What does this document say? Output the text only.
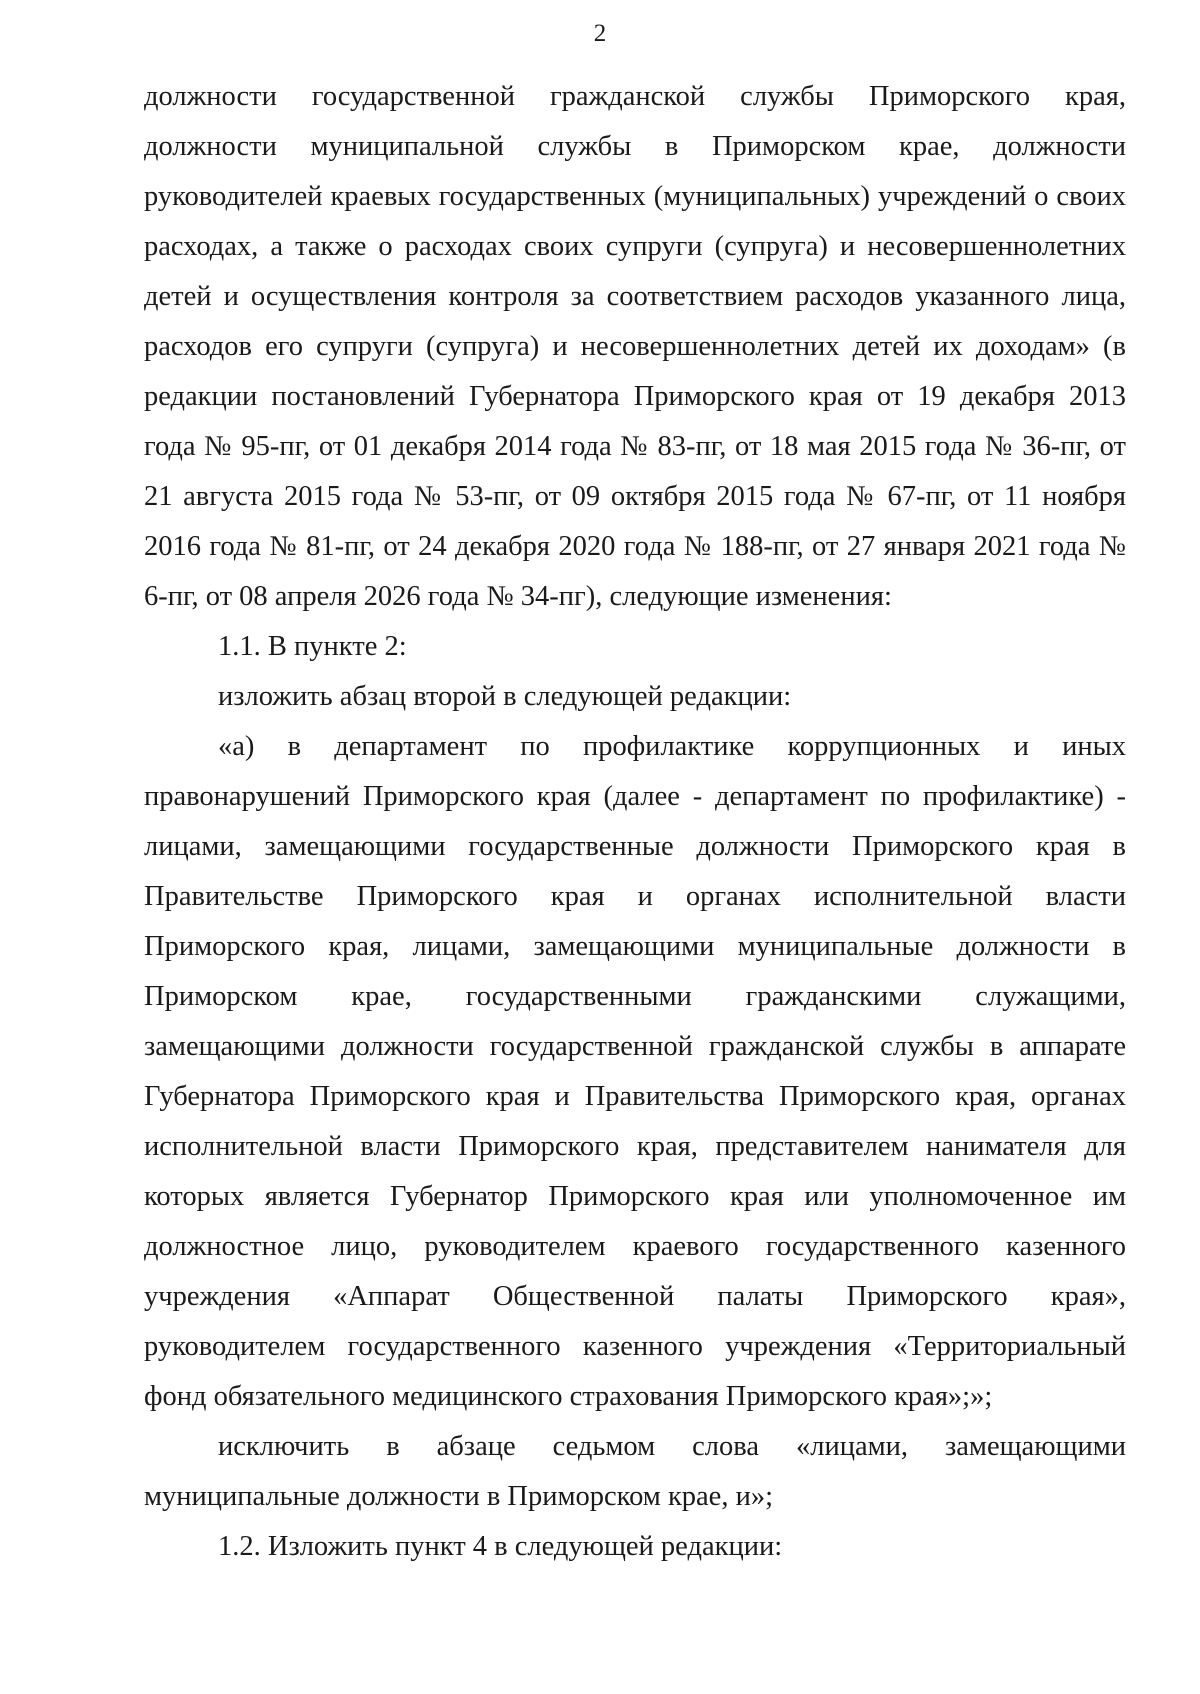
2

должности государственной гражданской службы Приморского края, должности муниципальной службы в Приморском крае, должности руководителей краевых государственных (муниципальных) учреждений о своих расходах, а также о расходах своих супруги (супруга) и несовершеннолетних детей и осуществления контроля за соответствием расходов указанного лица, расходов его супруги (супруга) и несовершеннолетних детей их доходам» (в редакции постановлений Губернатора Приморского края от 19 декабря 2013 года № 95-пг, от 01 декабря 2014 года № 83-пг, от 18 мая 2015 года № 36-пг, от 21 августа 2015 года № 53-пг, от 09 октября 2015 года № 67-пг, от 11 ноября 2016 года № 81-пг, от 24 декабря 2020 года № 188-пг, от 27 января 2021 года № 6-пг, от 08 апреля 2026 года № 34-пг), следующие изменения:

1.1. В пункте 2:

изложить абзац второй в следующей редакции:

«а) в департамент по профилактике коррупционных и иных правонарушений Приморского края (далее - департамент по профилактике) - лицами, замещающими государственные должности Приморского края в Правительстве Приморского края и органах исполнительной власти Приморского края, лицами, замещающими муниципальные должности в Приморском крае, государственными гражданскими служащими, замещающими должности государственной гражданской службы в аппарате Губернатора Приморского края и Правительства Приморского края, органах исполнительной власти Приморского края, представителем нанимателя для которых является Губернатор Приморского края или уполномоченное им должностное лицо, руководителем краевого государственного казенного учреждения «Аппарат Общественной палаты Приморского края», руководителем государственного казенного учреждения «Территориальный фонд обязательного медицинского страхования Приморского края»;»;

исключить в абзаце седьмом слова «лицами, замещающими муниципальные должности в Приморском крае, и»;

1.2. Изложить пункт 4 в следующей редакции:
